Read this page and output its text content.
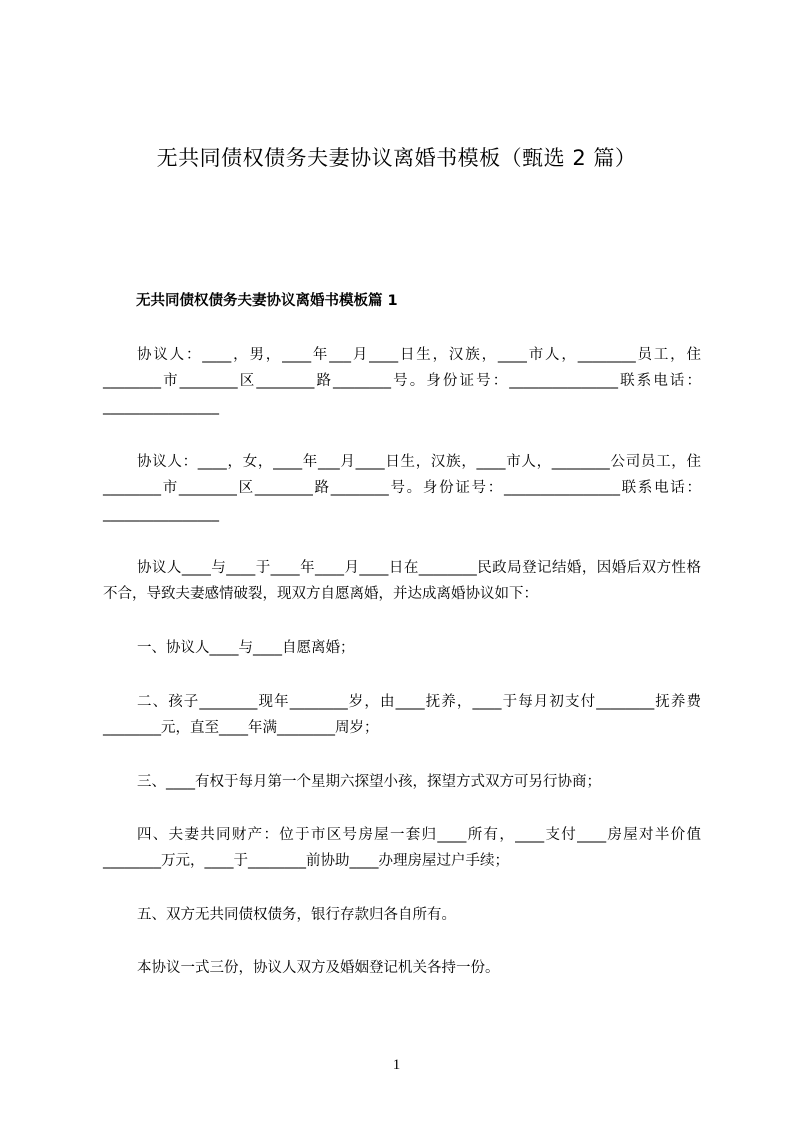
无共同债权债务夫妻协议离婚书模板（甄选 2 篇）
无共同债权债务夫妻协议离婚书模板篇 1

协议人：____，男，____年___月____日生，汉族，____市人，________员工，住________市________区________路________号。身份证号：_______________联系电话：________________

协议人：____，女，____年___月____日生，汉族，____市人，________公司员工，住________市________区________路________号。身份证号：________________联系电话：________________

协议人____与____于____年____月____日在________民政局登记结婚，因婚后双方性格不合，导致夫妻感情破裂，现双方自愿离婚，并达成离婚协议如下：

一、协议人____与____自愿离婚；

二、孩子________现年________岁，由____抚养，____于每月初支付________抚养费________元，直至____年满________周岁；

三、____有权于每月第一个星期六探望小孩，探望方式双方可另行协商；

四、夫妻共同财产：位于市区号房屋一套归____所有，____支付____房屋对半价值________万元，____于________前协助____办理房屋过户手续；

五、双方无共同债权债务，银行存款归各自所有。

本协议一式三份，协议人双方及婚姻登记机关各持一份。

1
